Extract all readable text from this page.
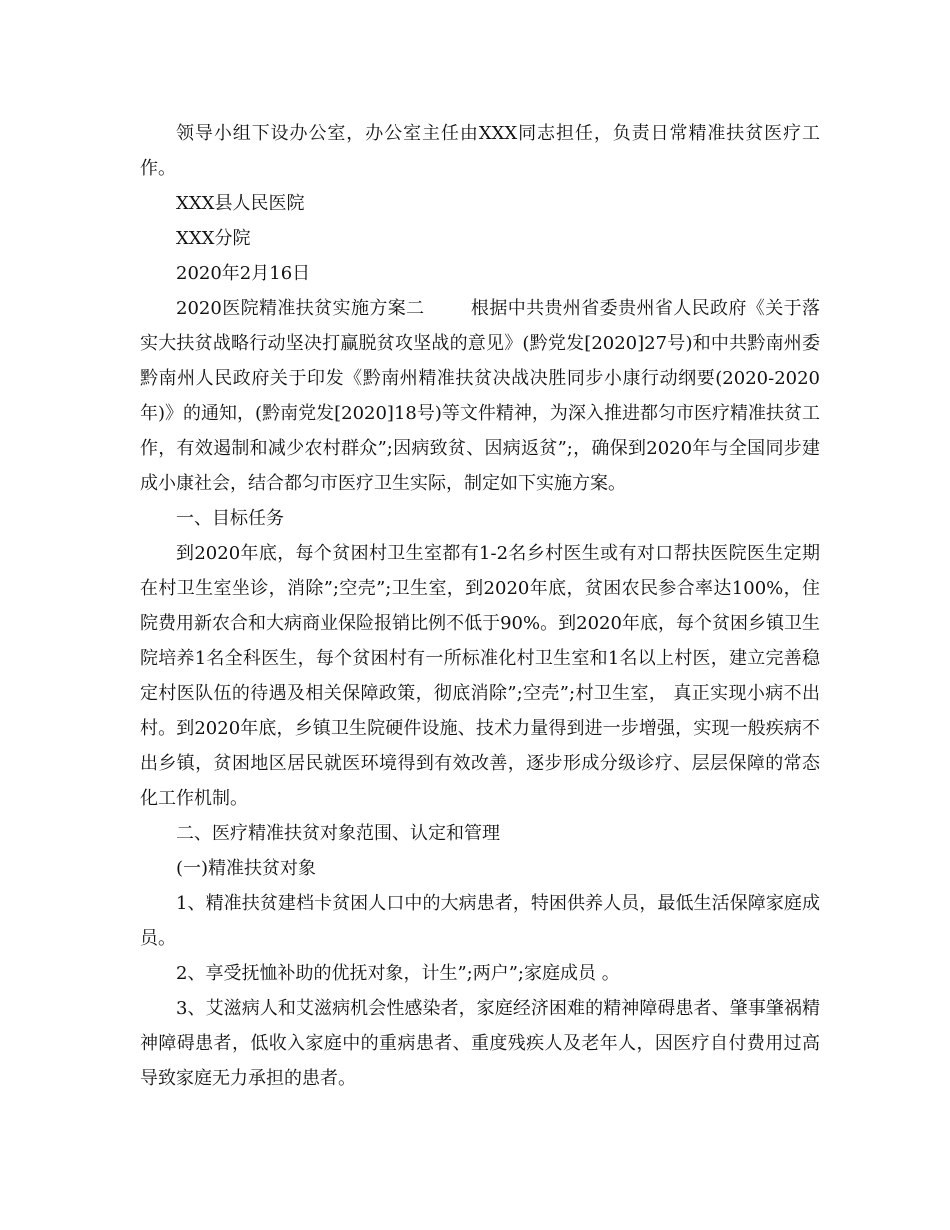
领导小组下设办公室，办公室主任由XXX同志担任，负责日常精准扶贫医疗工作。

XXX县人民医院

XXX分院

2020年2月16日

2020医院精准扶贫实施方案二	根据中共贵州省委贵州省人民政府《关于落实大扶贫战略行动坚决打赢脱贫攻坚战的意见》(黔党发[2020]27号)和中共黔南州委黔南州人民政府关于印发《黔南州精准扶贫决战决胜同步小康行动纲要(2020-2020年)》的通知，(黔南党发[2020]18号)等文件精神，为深入推进都匀市医疗精准扶贫工作，有效遏制和减少农村群众”;因病致贫、因病返贫”;，确保到2020年与全国同步建成小康社会，结合都匀市医疗卫生实际，制定如下实施方案。

一、目标任务

到2020年底，每个贫困村卫生室都有1-2名乡村医生或有对口帮扶医院医生定期在村卫生室坐诊，消除”;空壳”;卫生室，到2020年底，贫困农民参合率达100%，住院费用新农合和大病商业保险报销比例不低于90%。到2020年底，每个贫困乡镇卫生院培养1名全科医生，每个贫困村有一所标准化村卫生室和1名以上村医，建立完善稳定村医队伍的待遇及相关保障政策，彻底消除”;空壳”;村卫生室， 真正实现小病不出村。到2020年底，乡镇卫生院硬件设施、技术力量得到进一步增强，实现一般疾病不出乡镇，贫困地区居民就医环境得到有效改善，逐步形成分级诊疗、层层保障的常态化工作机制。

二、医疗精准扶贫对象范围、认定和管理

(一)精准扶贫对象

1、精准扶贫建档卡贫困人口中的大病患者，特困供养人员，最低生活保障家庭成员。

2、享受抚恤补助的优抚对象，计生”;两户”;家庭成员 。

3、艾滋病人和艾滋病机会性感染者，家庭经济困难的精神障碍患者、肇事肇祸精神障碍患者，低收入家庭中的重病患者、重度残疾人及老年人，因医疗自付费用过高导致家庭无力承担的患者。
